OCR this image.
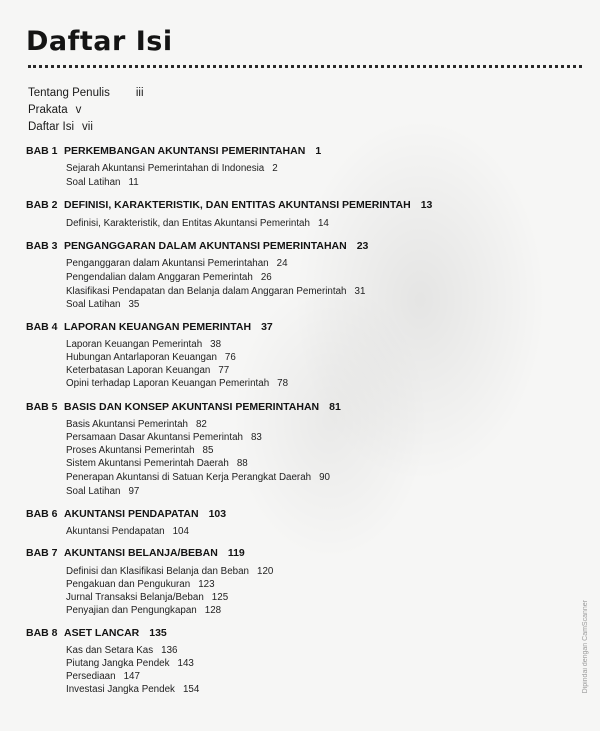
Daftar Isi
Tentang Penulis iii
Prakata v
Daftar Isi vii
BAB 1 PERKEMBANGAN AKUNTANSI PEMERINTAHAN 1
Sejarah Akuntansi Pemerintahan di Indonesia 2
Soal Latihan 11
BAB 2 DEFINISI, KARAKTERISTIK, DAN ENTITAS AKUNTANSI PEMERINTAH 13
Definisi, Karakteristik, dan Entitas Akuntansi Pemerintah 14
BAB 3 PENGANGGARAN DALAM AKUNTANSI PEMERINTAHAN 23
Penganggaran dalam Akuntansi Pemerintahan 24
Pengendalian dalam Anggaran Pemerintah 26
Klasifikasi Pendapatan dan Belanja dalam Anggaran Pemerintah 31
Soal Latihan 35
BAB 4 LAPORAN KEUANGAN PEMERINTAH 37
Laporan Keuangan Pemerintah 38
Hubungan Antarlaporan Keuangan 76
Keterbatasan Laporan Keuangan 77
Opini terhadap Laporan Keuangan Pemerintah 78
BAB 5 BASIS DAN KONSEP AKUNTANSI PEMERINTAHAN 81
Basis Akuntansi Pemerintah 82
Persamaan Dasar Akuntansi Pemerintah 83
Proses Akuntansi Pemerintah 85
Sistem Akuntansi Pemerintah Daerah 88
Penerapan Akuntansi di Satuan Kerja Perangkat Daerah 90
Soal Latihan 97
BAB 6 AKUNTANSI PENDAPATAN 103
Akuntansi Pendapatan 104
BAB 7 AKUNTANSI BELANJA/BEBAN 119
Definisi dan Klasifikasi Belanja dan Beban 120
Pengakuan dan Pengukuran 123
Jurnal Transaksi Belanja/Beban 125
Penyajian dan Pengungkapan 128
BAB 8 ASET LANCAR 135
Kas dan Setara Kas 136
Piutang Jangka Pendek 143
Persediaan 147
Investasi Jangka Pendek 154	Dipindai dengan CamScanner
